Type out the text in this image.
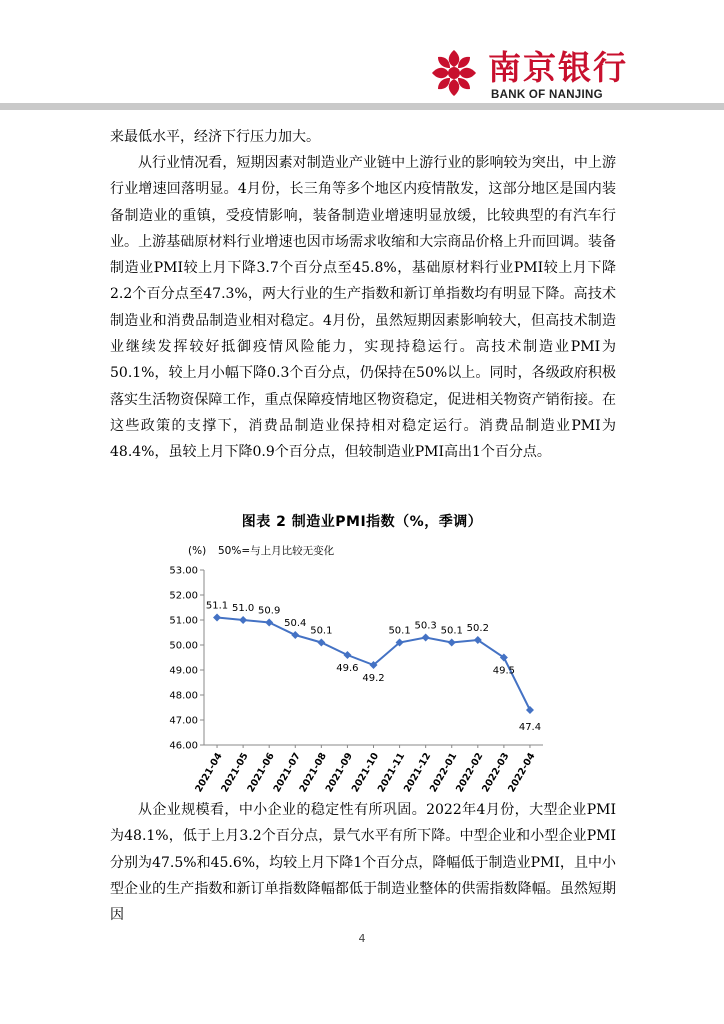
南京银行
BANK OF NANJING
来最低水平，经济下行压力加大。
从行业情况看，短期因素对制造业产业链中上游行业的影响较为突出，中上游行业增速回落明显。4月份，长三角等多个地区内疫情散发，这部分地区是国内装备制造业的重镇，受疫情影响，装备制造业增速明显放缓，比较典型的有汽车行业。上游基础原材料行业增速也因市场需求收缩和大宗商品价格上升而回调。装备制造业PMI较上月下降3.7个百分点至45.8%，基础原材料行业PMI较上月下降2.2个百分点至47.3%，两大行业的生产指数和新订单指数均有明显下降。高技术制造业和消费品制造业相对稳定。4月份，虽然短期因素影响较大，但高技术制造业继续发挥较好抵御疫情风险能力，实现持稳运行。高技术制造业PMI为50.1%，较上月小幅下降0.3个百分点，仍保持在50%以上。同时，各级政府积极落实生活物资保障工作，重点保障疫情地区物资稳定，促进相关物资产销衔接。在这些政策的支撑下，消费品制造业保持相对稳定运行。消费品制造业PMI为48.4%，虽较上月下降0.9个百分点，但较制造业PMI高出1个百分点。
图表 2 制造业PMI指数（%，季调）
(%) 50%=与上月比较无变化
46.00
47.00
48.00
49.00
50.00
51.00
52.00
53.00
2021-04
2021-05
2021-06
2021-07
2021-08
2021-09
2021-10
2021-11
2021-12
2022-01
2022-02
2022-03
2022-04
51.1 51.0 50.9
50.4
50.1
49.6
49.2
50.1 50.3 50.1 50.2
49.5
47.4
从企业规模看，中小企业的稳定性有所巩固。2022年4月份，大型企业PMI为48.1%，低于上月3.2个百分点，景气水平有所下降。中型企业和小型企业PMI分别为47.5%和45.6%，均较上月下降1个百分点，降幅低于制造业PMI，且中小型企业的生产指数和新订单指数降幅都低于制造业整体的供需指数降幅。虽然短期因
4
